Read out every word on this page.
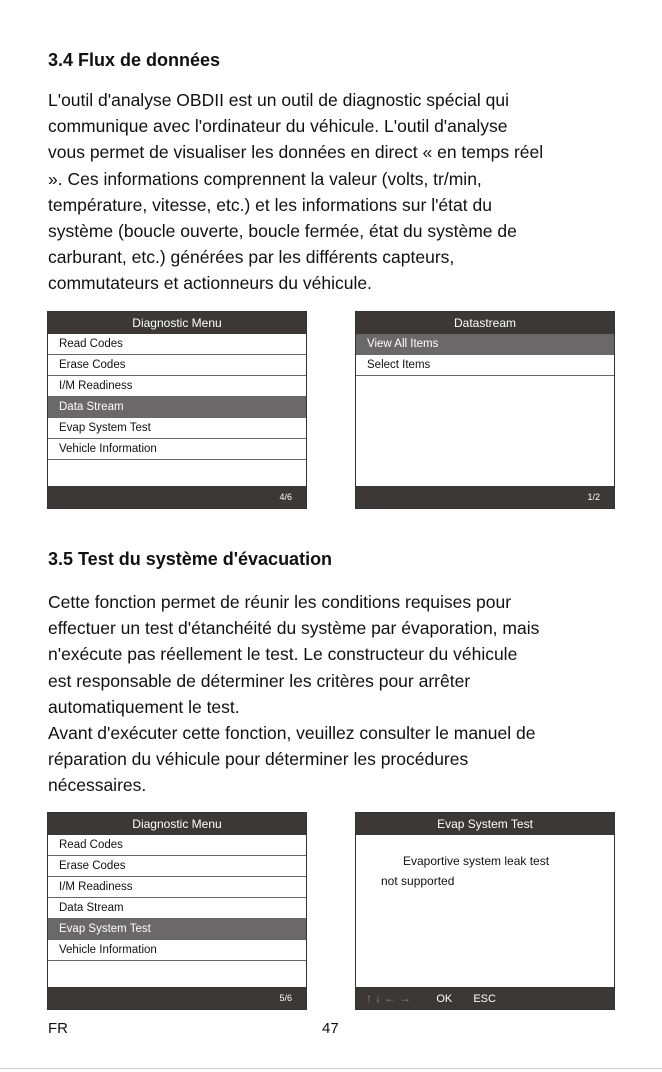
3.4 Flux de données
L'outil d'analyse OBDII est un outil de diagnostic spécial qui
communique avec l'ordinateur du véhicule. L'outil d'analyse
vous permet de visualiser les données en direct « en temps réel
». Ces informations comprennent la valeur (volts, tr/min,
température, vitesse, etc.) et les informations sur l'état du
système (boucle ouverte, boucle fermée, état du système de
carburant, etc.) générées par les différents capteurs,
commutateurs et actionneurs du véhicule.
Diagnostic Menu
Read Codes
Erase Codes
I/M Readiness
Data Stream
Evap System Test
Vehicle Information
4/6
Datastream
View All Items
Select Items
1/2
3.5 Test du système d'évacuation
Cette fonction permet de réunir les conditions requises pour
effectuer un test d'étanchéité du système par évaporation, mais
n'exécute pas réellement le test. Le constructeur du véhicule
est responsable de déterminer les critères pour arrêter
automatiquement le test.
Avant d'exécuter cette fonction, veuillez consulter le manuel de
réparation du véhicule pour déterminer les procédures
nécessaires.
Diagnostic Menu
Read Codes
Erase Codes
I/M Readiness
Data Stream
Evap System Test
Vehicle Information
5/6
Evap System Test
Evaportive system leak test
not supported
↑↓←→ OK ESC
FR	47
